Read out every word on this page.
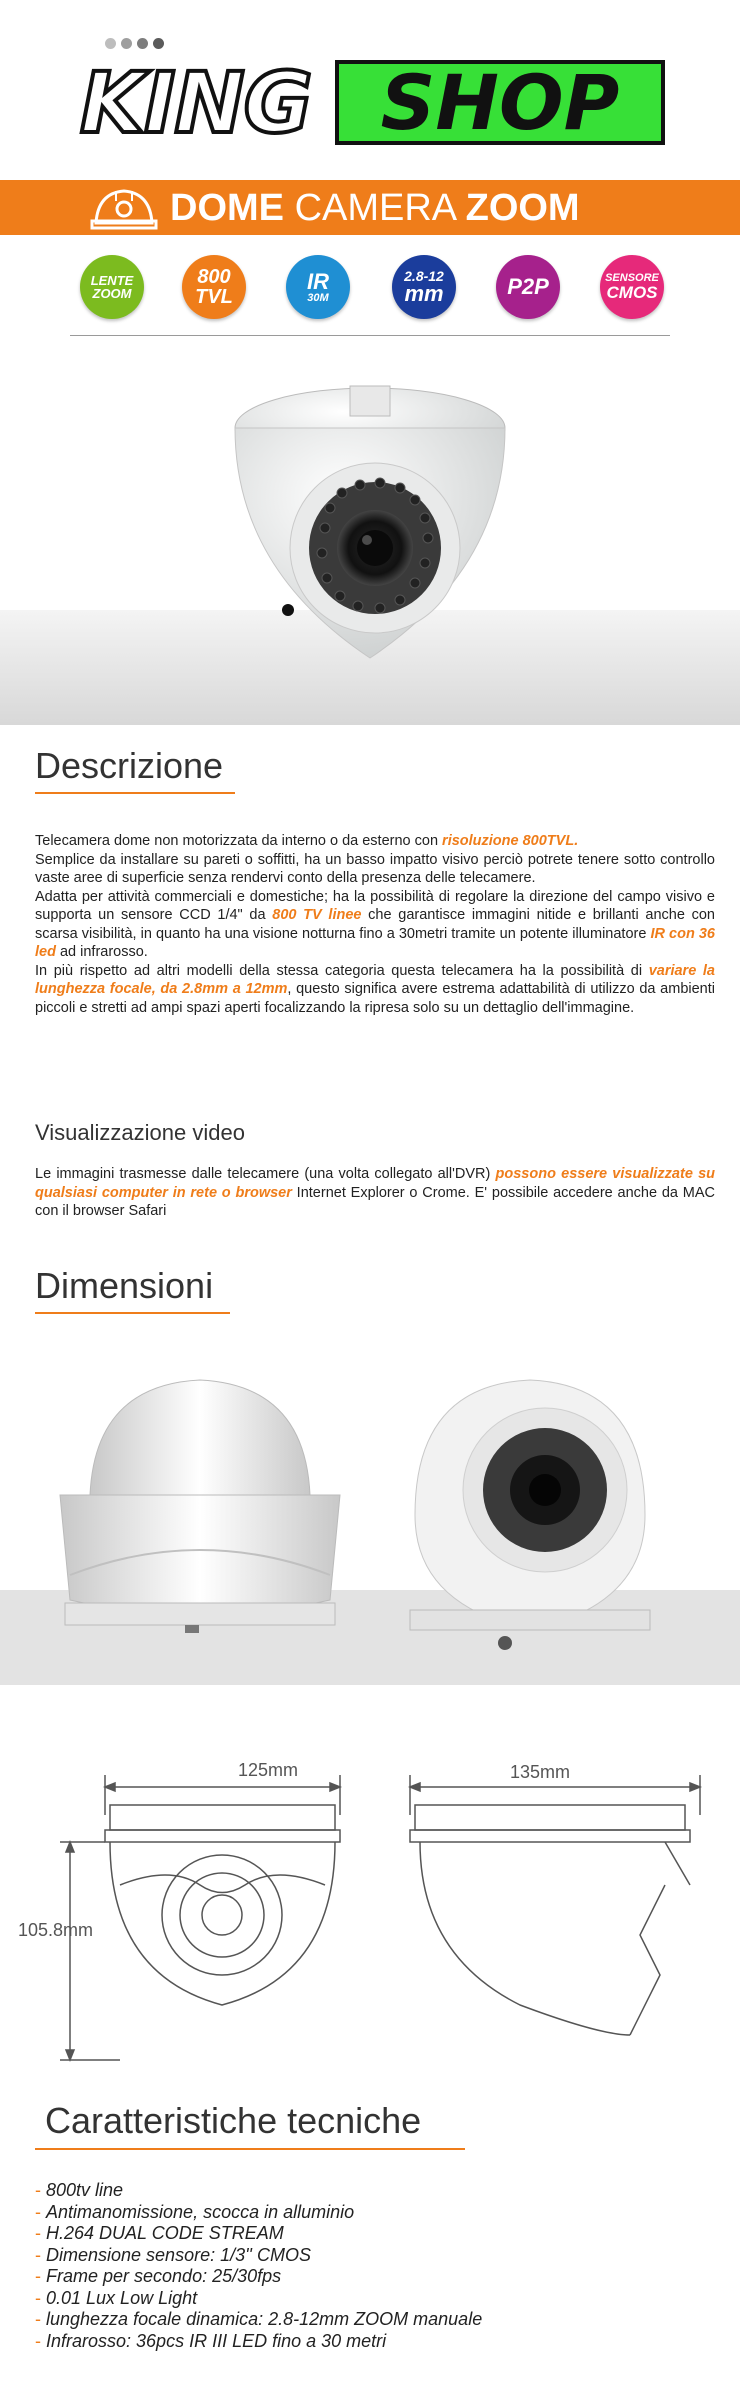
KING SHOP
DOME CAMERA ZOOM
LENTE
ZOOM
800
TVL
IR
30M
2.8-12
mm	P2P	SENSORE
CMOS
Descrizione
Telecamera dome non motorizzata da interno o da esterno con risoluzione 800TVL.
Semplice da installare su pareti o soffitti, ha un basso impatto visivo perciò potrete tenere sotto controllo vaste aree di superficie senza rendervi conto della presenza delle telecamere.
Adatta per attività commerciali e domestiche; ha la possibilità di regolare la direzione del campo visivo e supporta un sensore CCD 1/4" da 800 TV linee che garantisce immagini nitide e brillanti anche con scarsa visibilità, in quanto ha una visione notturna fino a 30metri tramite un potente illuminatore IR con 36 led ad infrarosso.
In più rispetto ad altri modelli della stessa categoria questa telecamera ha la possibilità di variare la lunghezza focale, da 2.8mm a 12mm, questo significa avere estrema adattabilità di utilizzo da ambienti piccoli e stretti ad ampi spazi aperti focalizzando la ripresa solo su un dettaglio dell'immagine.
Visualizzazione video
Le immagini trasmesse dalle telecamere (una volta collegato all'DVR) possono essere visualizzate su qualsiasi computer in rete o browser Internet Explorer o Crome. E' possibile accedere anche da MAC con il browser Safari
Dimensioni
125mm	135mm
105.8mm
Caratteristiche tecniche
- 800tv line
- Antimanomissione, scocca in alluminio
- H.264 DUAL CODE STREAM
- Dimensione sensore: 1/3'' CMOS
- Frame per secondo: 25/30fps
- 0.01 Lux Low Light
- lunghezza focale dinamica: 2.8-12mm ZOOM manuale
- Infrarosso: 36pcs IR III LED fino a 30 metri
